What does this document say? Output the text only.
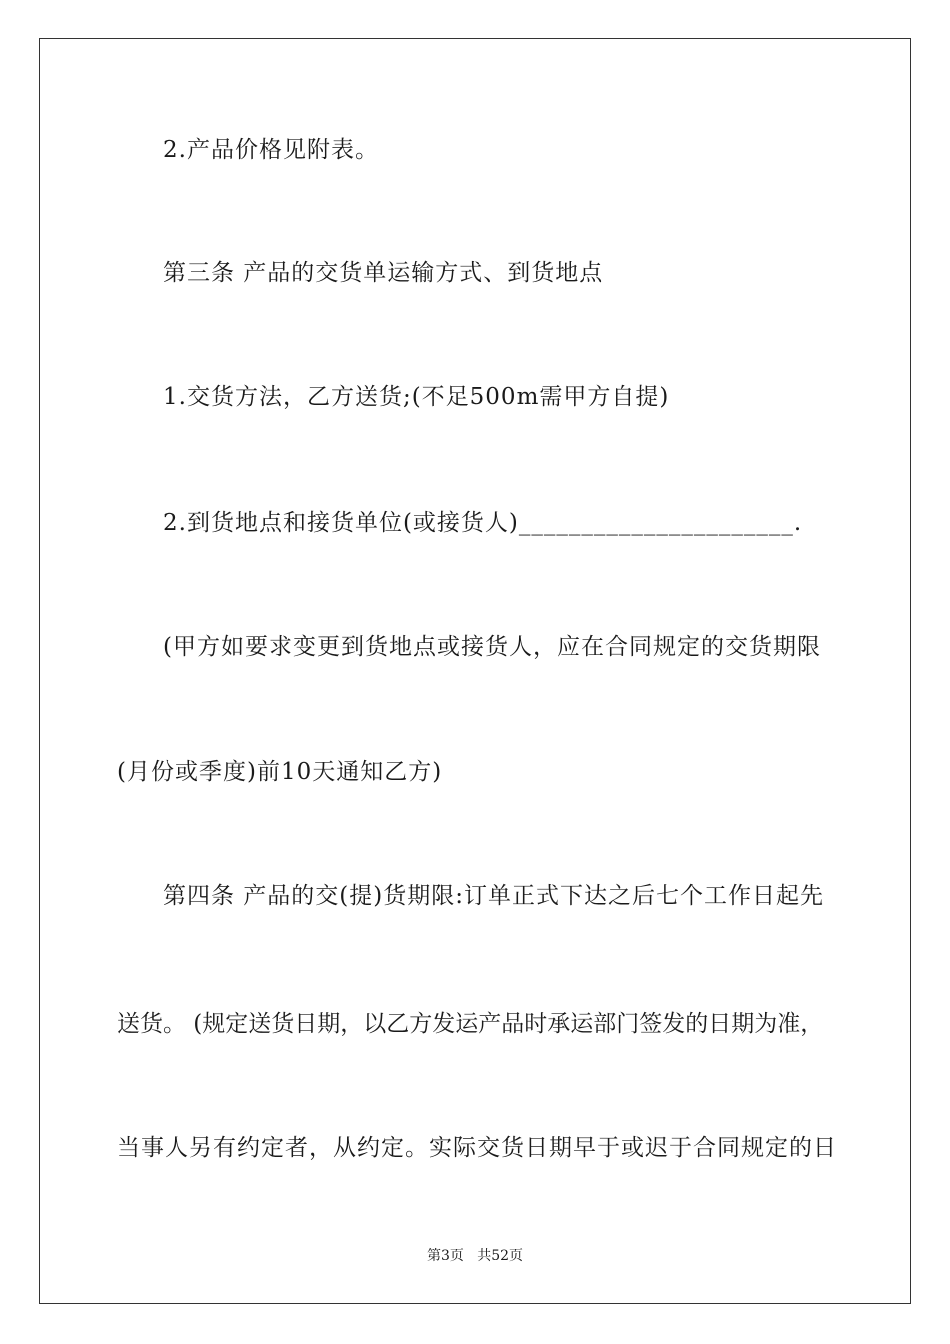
2.产品价格见附表。
第三条 产品的交货单运输方式、到货地点
1.交货方法，乙方送货;(不足500m需甲方自提)
2.到货地点和接货单位(或接货人)______________________.
(甲方如要求变更到货地点或接货人，应在合同规定的交货期限
(月份或季度)前10天通知乙方)
第四条 产品的交(提)货期限:订单正式下达之后七个工作日起先
送货。 (规定送货日期，以乙方发运产品时承运部门签发的日期为准，
当事人另有约定者，从约定。实际交货日期早于或迟于合同规定的日
第3页   共52页
